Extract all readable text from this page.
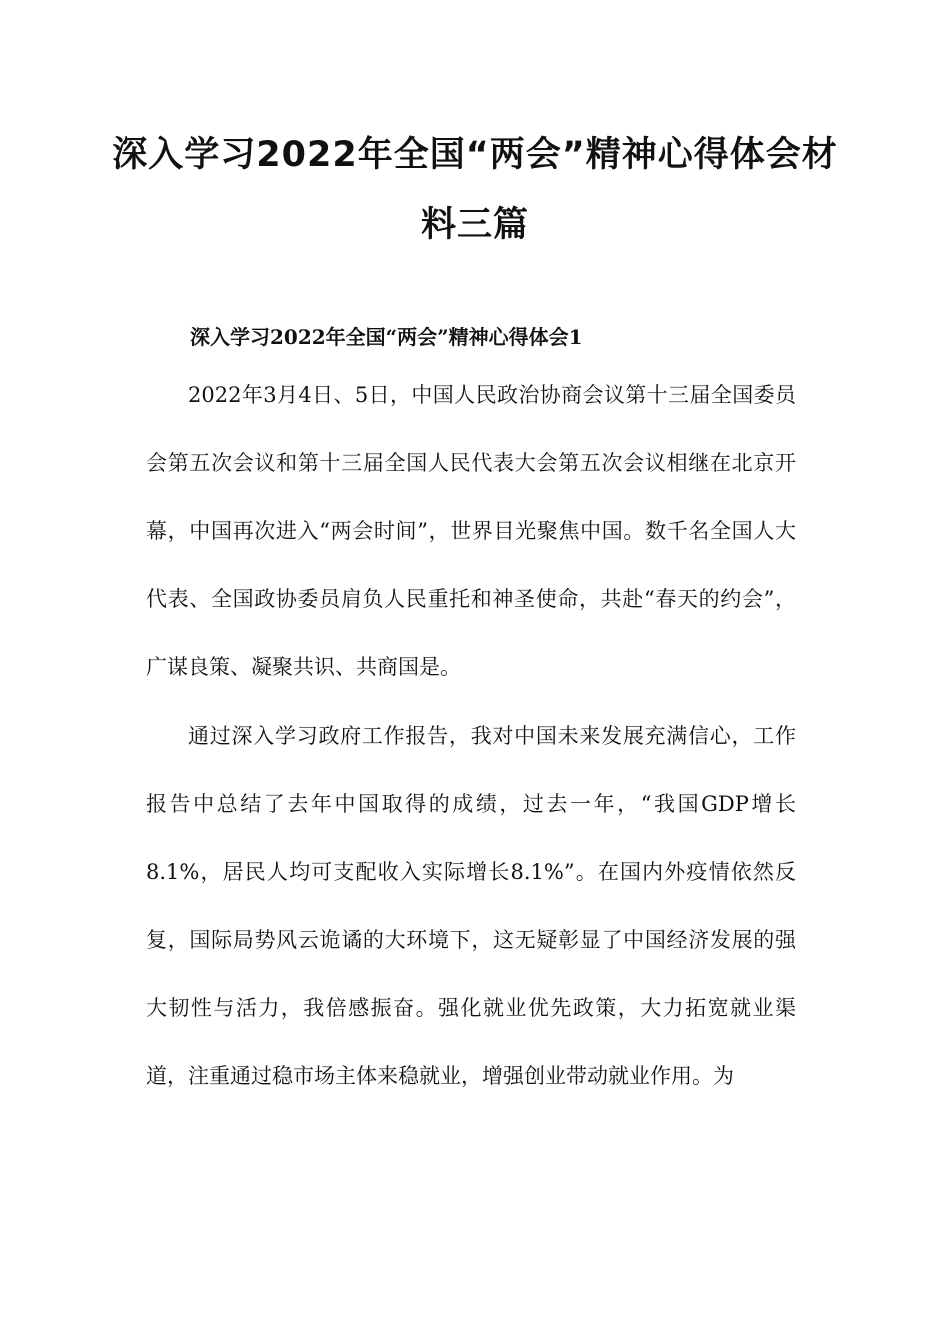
深入学习2022年全国“两会”精神心得体会材料三篇
深入学习2022年全国“两会”精神心得体会1

2022年3月4日、5日，中国人民政治协商会议第十三届全国委员会第五次会议和第十三届全国人民代表大会第五次会议相继在北京开幕，中国再次进入“两会时间”，世界目光聚焦中国。数千名全国人大代表、全国政协委员肩负人民重托和神圣使命，共赴“春天的约会”，广谋良策、凝聚共识、共商国是。

通过深入学习政府工作报告，我对中国未来发展充满信心，工作报告中总结了去年中国取得的成绩，过去一年，“我国GDP增长8.1%，居民人均可支配收入实际增长8.1%”。在国内外疫情依然反复，国际局势风云诡谲的大环境下，这无疑彰显了中国经济发展的强大韧性与活力，我倍感振奋。强化就业优先政策，大力拓宽就业渠道，注重通过稳市场主体来稳就业，增强创业带动就业作用。为
